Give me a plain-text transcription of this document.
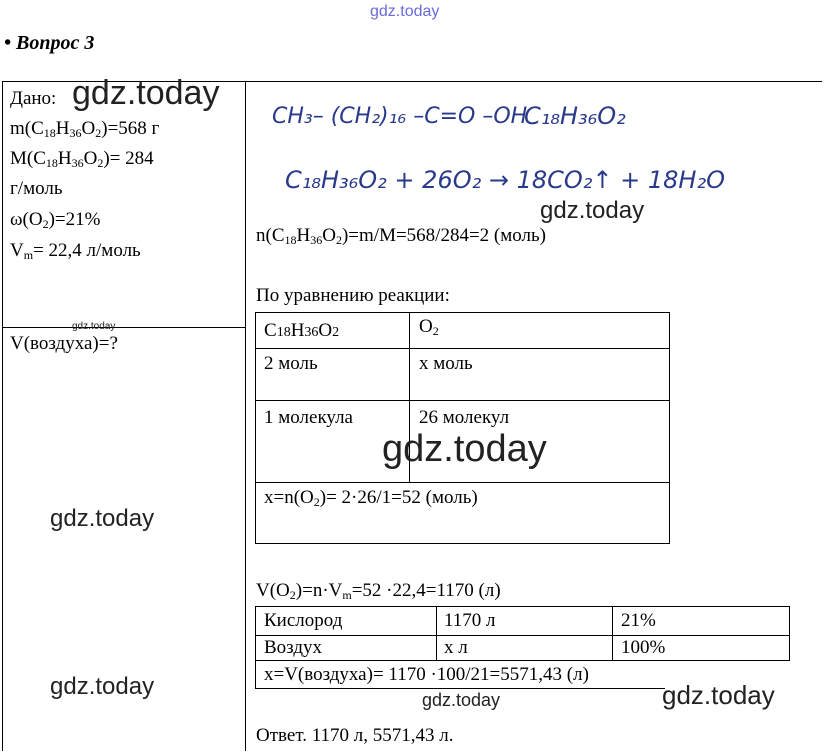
gdz.today
• Вопрос 3
Дано: gdz.today
$m(C_{18}H_{36}O_2)=568$ г
$M(C_{18}H_{36}O_2)= 284$
г/моль
$\omega(O_2)=21\%$
$V_m= 22,4$ л/моль
gdz.today
V(воздуха)=?
gdz.today
gdz.today
CH₃– (CH₂)₁₆ –C=O –OH
C₁₈H₃₆O₂
C₁₈H₃₆O₂ + 26O₂ → 18CO₂↑ + 18H₂O
gdz.today
$n(C_{18}H_{36}O_2)=m/M=568/284=2$ (моль)
По уравнению реакции:
C18H36O2	$O_2$
2 моль	х моль
1 молекула	26 молекул
$x=n(O_2)= 2\cdot 26/1=52$ (моль)
gdz.today
$V(O_2)=n\cdot V_m=52 \cdot 22,4=1170$ (л)
Кислород	1170 л	21%
Воздух	х л	100%
x=V(воздуха)= 1170 ·100/21=5571,43 (л)
gdz.today	gdz.today
Ответ. 1170 л, 5571,43 л.
